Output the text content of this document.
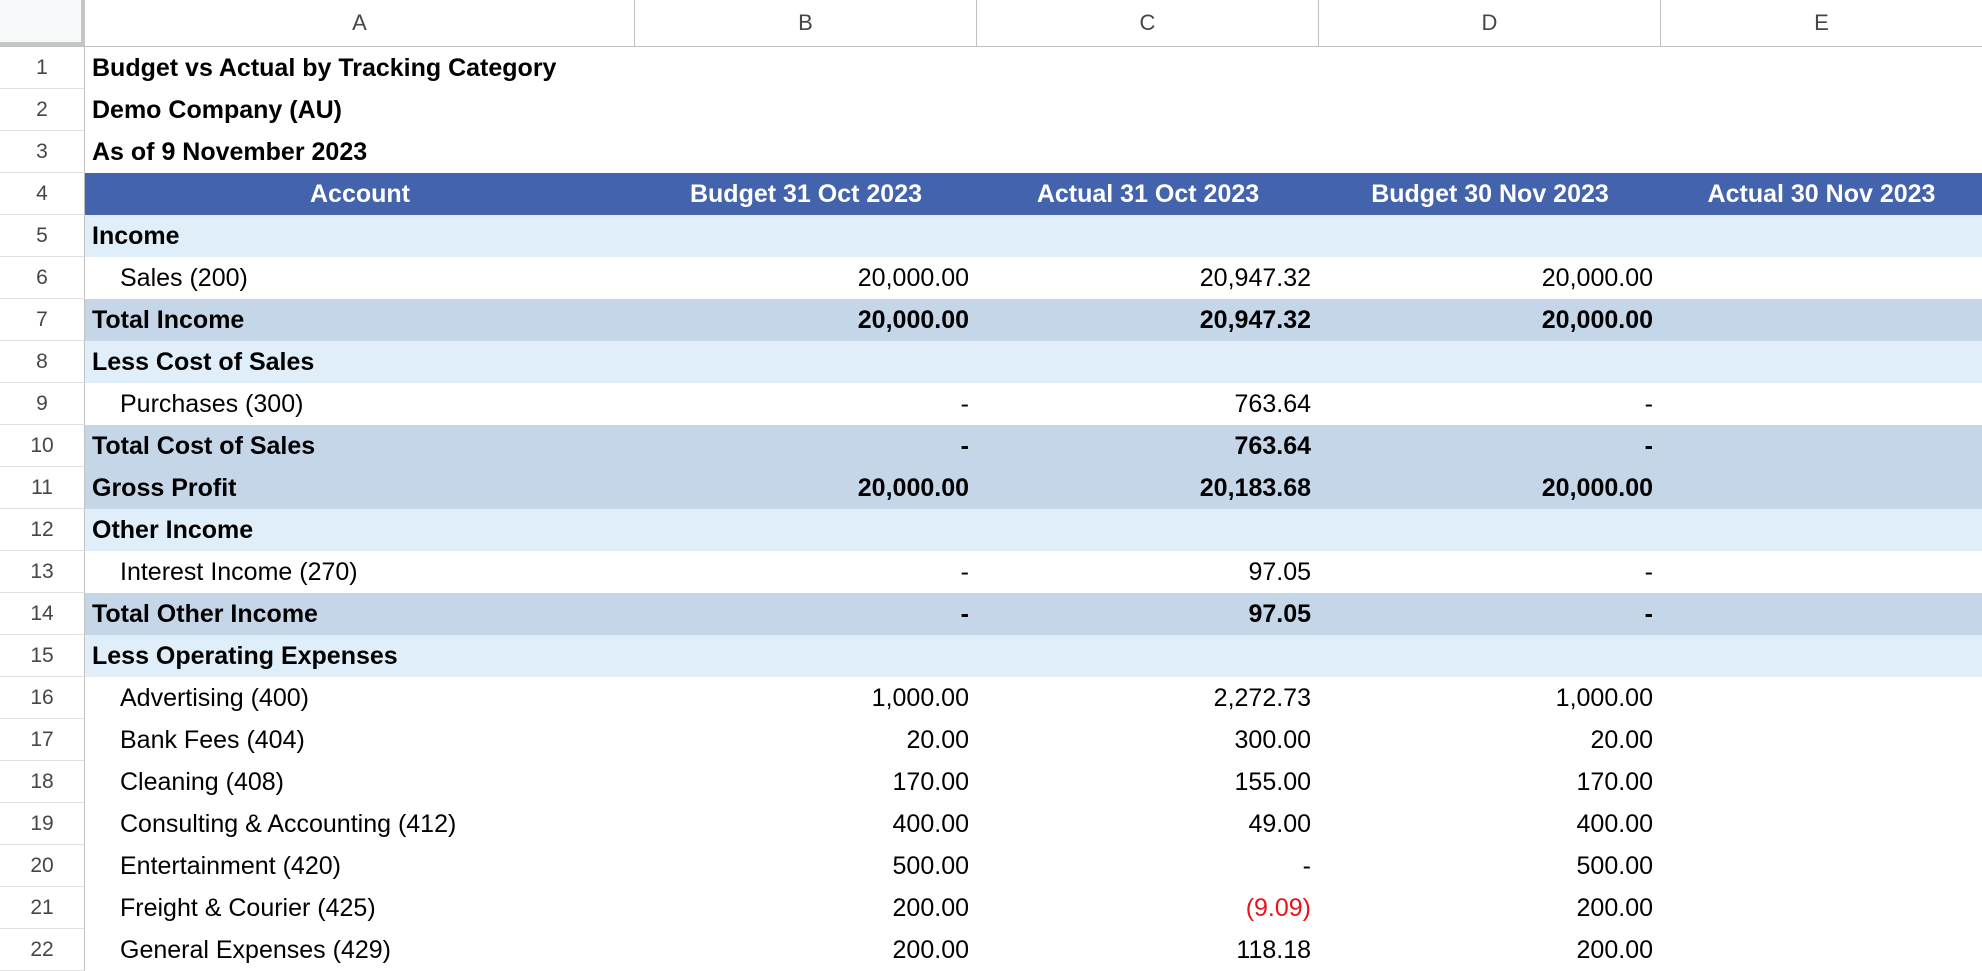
A	B	C	D	E
1	Budget vs Actual by Tracking Category
2	Demo Company (AU)
3	As of 9 November 2023
4	Account	Budget 31 Oct 2023	Actual 31 Oct 2023	Budget 30 Nov 2023	Actual 30 Nov 2023
5	Income
6	Sales (200)	20,000.00	20,947.32	20,000.00
7	Total Income	20,000.00	20,947.32	20,000.00
8	Less Cost of Sales
9	Purchases (300)	-	763.64	-
10	Total Cost of Sales	-	763.64	-
11	Gross Profit	20,000.00	20,183.68	20,000.00
12	Other Income
13	Interest Income (270)	-	97.05	-
14	Total Other Income	-	97.05	-
15	Less Operating Expenses
16	Advertising (400)	1,000.00	2,272.73	1,000.00
17	Bank Fees (404)	20.00	300.00	20.00
18	Cleaning (408)	170.00	155.00	170.00
19	Consulting & Accounting (412)	400.00	49.00	400.00
20	Entertainment (420)	500.00	-	500.00
21	Freight & Courier (425)	200.00	(9.09)	200.00
22	General Expenses (429)	200.00	118.18	200.00
